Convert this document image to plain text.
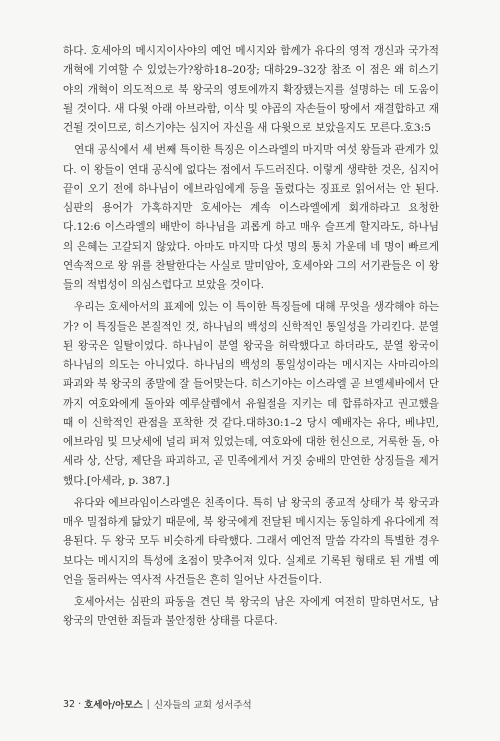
하다. 호세아의 메시지이사야의 예언 메시지와 함께가 유다의 영적 갱신과 국가적 개혁에 기여할 수 있었는가?왕하18–20장; 대하29–32장 참조 이 점은 왜 히스기야의 개혁이 의도적으로 북 왕국의 영토에까지 확장됐는지를 설명하는 데 도움이 될 것이다. 새 다윗 아래 아브라함, 이삭 및 야곱의 자손들이 땅에서 재결합하고 재건될 것이므로, 히스기야는 심지어 자신을 새 다윗으로 보았을지도 모른다.호3:5

연대 공식에서 세 번째 특이한 특징은 이스라엘의 마지막 여섯 왕들과 관계가 있다. 이 왕들이 연대 공식에 없다는 점에서 두드러진다. 이렇게 생략한 것은, 심지어 끝이 오기 전에 하나님이 에브라임에게 등을 돌렸다는 징표로 읽어서는 안 된다. 심판의 용어가 가혹하지만 호세아는 계속 이스라엘에게 회개하라고 요청한다.12:6 이스라엘의 배반이 하나님을 괴롭게 하고 매우 슬프게 할지라도, 하나님의 은혜는 고갈되지 않았다. 아마도 마지막 다섯 명의 통치 가운데 네 명이 빠르게 연속적으로 왕 위를 찬탈한다는 사실로 말미암아, 호세아와 그의 서기관들은 이 왕들의 적법성이 의심스럽다고 보았을 것이다.

우리는 호세아서의 표제에 있는 이 특이한 특징들에 대해 무엇을 생각해야 하는가? 이 특징들은 본질적인 것, 하나님의 백성의 신학적인 통일성을 가리킨다. 분열된 왕국은 일탈이었다. 하나님이 분열 왕국을 허락했다고 하더라도, 분열 왕국이 하나님의 의도는 아니었다. 하나님의 백성의 통일성이라는 메시지는 사마리아의 파괴와 북 왕국의 종말에 잘 들어맞는다. 히스기야는 이스라엘 곧 브엘세바에서 단까지 여호와에게 돌아와 예루살렘에서 유월절을 지키는 데 합류하자고 권고했을 때 이 신학적인 관점을 포착한 것 같다.대하30:1–2 당시 예배자는 유다, 베냐민, 에브라임 및 므낫세에 널리 퍼져 있었는데, 여호와에 대한 헌신으로, 거룩한 돌, 아세라 상, 산당, 제단을 파괴하고, 곧 민족에게서 거짓 숭배의 만연한 상징들을 제거했다.[아세라, p. 387.]

유다와 에브라임이스라엘은 친족이다. 특히 남 왕국의 종교적 상태가 북 왕국과 매우 밀접하게 닮았기 때문에, 북 왕국에게 전달된 메시지는 동일하게 유다에게 적용된다. 두 왕국 모두 비슷하게 타락했다. 그래서 예언적 말씀 각각의 특별한 경우보다는 메시지의 특성에 초점이 맞추어져 있다. 실제로 기록된 형태로 된 개별 예언을 둘러싸는 역사적 사건들은 흔히 일어난 사건들이다.

호세아서는 심판의 파동을 견딘 북 왕국의 남은 자에게 여전히 말하면서도, 남 왕국의 만연한 죄들과 불안정한 상태를 다룬다.

32 · 호세아/아모스 | 신자들의 교회 성서주석
